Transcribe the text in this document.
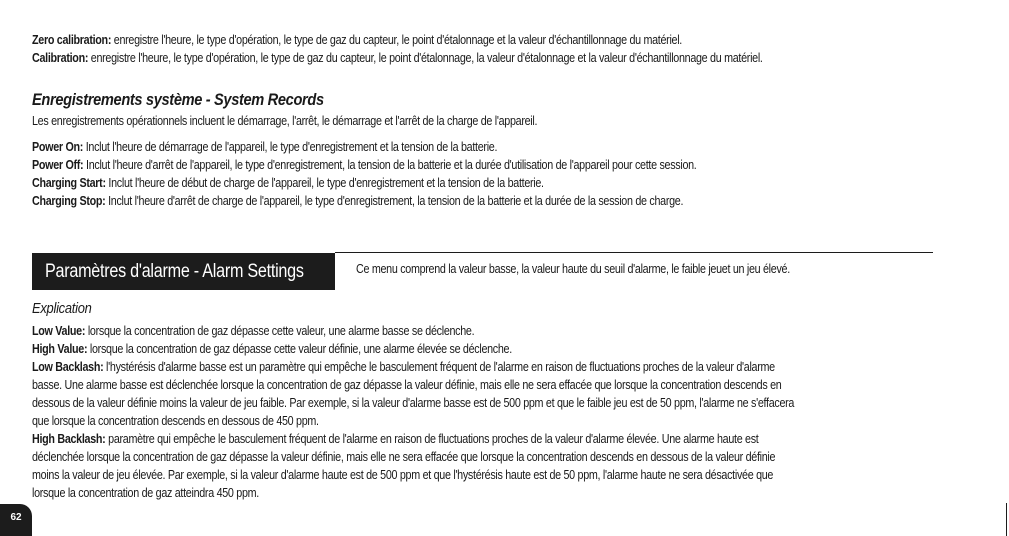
Zero calibration: enregistre l'heure, le type d'opération, le type de gaz du capteur, le point d'étalonnage et la valeur d'échantillonnage du matériel.
Calibration: enregistre l'heure, le type d'opération, le type de gaz du capteur, le point d'étalonnage, la valeur d'étalonnage et la valeur d'échantillonnage du matériel.
Enregistrements système - System Records
Les enregistrements opérationnels incluent le démarrage, l'arrêt, le démarrage et l'arrêt de la charge de l'appareil.
Power On: Inclut l'heure de démarrage de l'appareil, le type d'enregistrement et la tension de la batterie.
Power Off: Inclut l'heure d'arrêt de l'appareil, le type d'enregistrement, la tension de la batterie et la durée d'utilisation de l'appareil pour cette session.
Charging Start: Inclut l'heure de début de charge de l'appareil, le type d'enregistrement et la tension de la batterie.
Charging Stop: Inclut l'heure d'arrêt de charge de l'appareil, le type d'enregistrement, la tension de la batterie et la durée de la session de charge.
Paramètres d'alarme - Alarm Settings	Ce menu comprend la valeur basse, la valeur haute du seuil d'alarme, le faible jeuet un jeu élevé.
Explication
Low Value: lorsque la concentration de gaz dépasse cette valeur, une alarme basse se déclenche.
High Value: lorsque la concentration de gaz dépasse cette valeur définie, une alarme élevée se déclenche.
Low Backlash: l'hystérésis d'alarme basse est un paramètre qui empêche le basculement fréquent de l'alarme en raison de fluctuations proches de la valeur d'alarme
basse. Une alarme basse est déclenchée lorsque la concentration de gaz dépasse la valeur définie, mais elle ne sera effacée que lorsque la concentration descends en
dessous de la valeur définie moins la valeur de jeu faible. Par exemple, si la valeur d'alarme basse est de 500 ppm et que le faible jeu est de 50 ppm, l'alarme ne s'effacera
que lorsque la concentration descends en dessous de 450 ppm.
High Backlash: paramètre qui empêche le basculement fréquent de l'alarme en raison de fluctuations proches de la valeur d'alarme élevée. Une alarme haute est
déclenchée lorsque la concentration de gaz dépasse la valeur définie, mais elle ne sera effacée que lorsque la concentration descends en dessous de la valeur définie
moins la valeur de jeu élevée. Par exemple, si la valeur d'alarme haute est de 500 ppm et que l'hystérésis haute est de 50 ppm, l'alarme haute ne sera désactivée que
lorsque la concentration de gaz atteindra 450 ppm.
62
